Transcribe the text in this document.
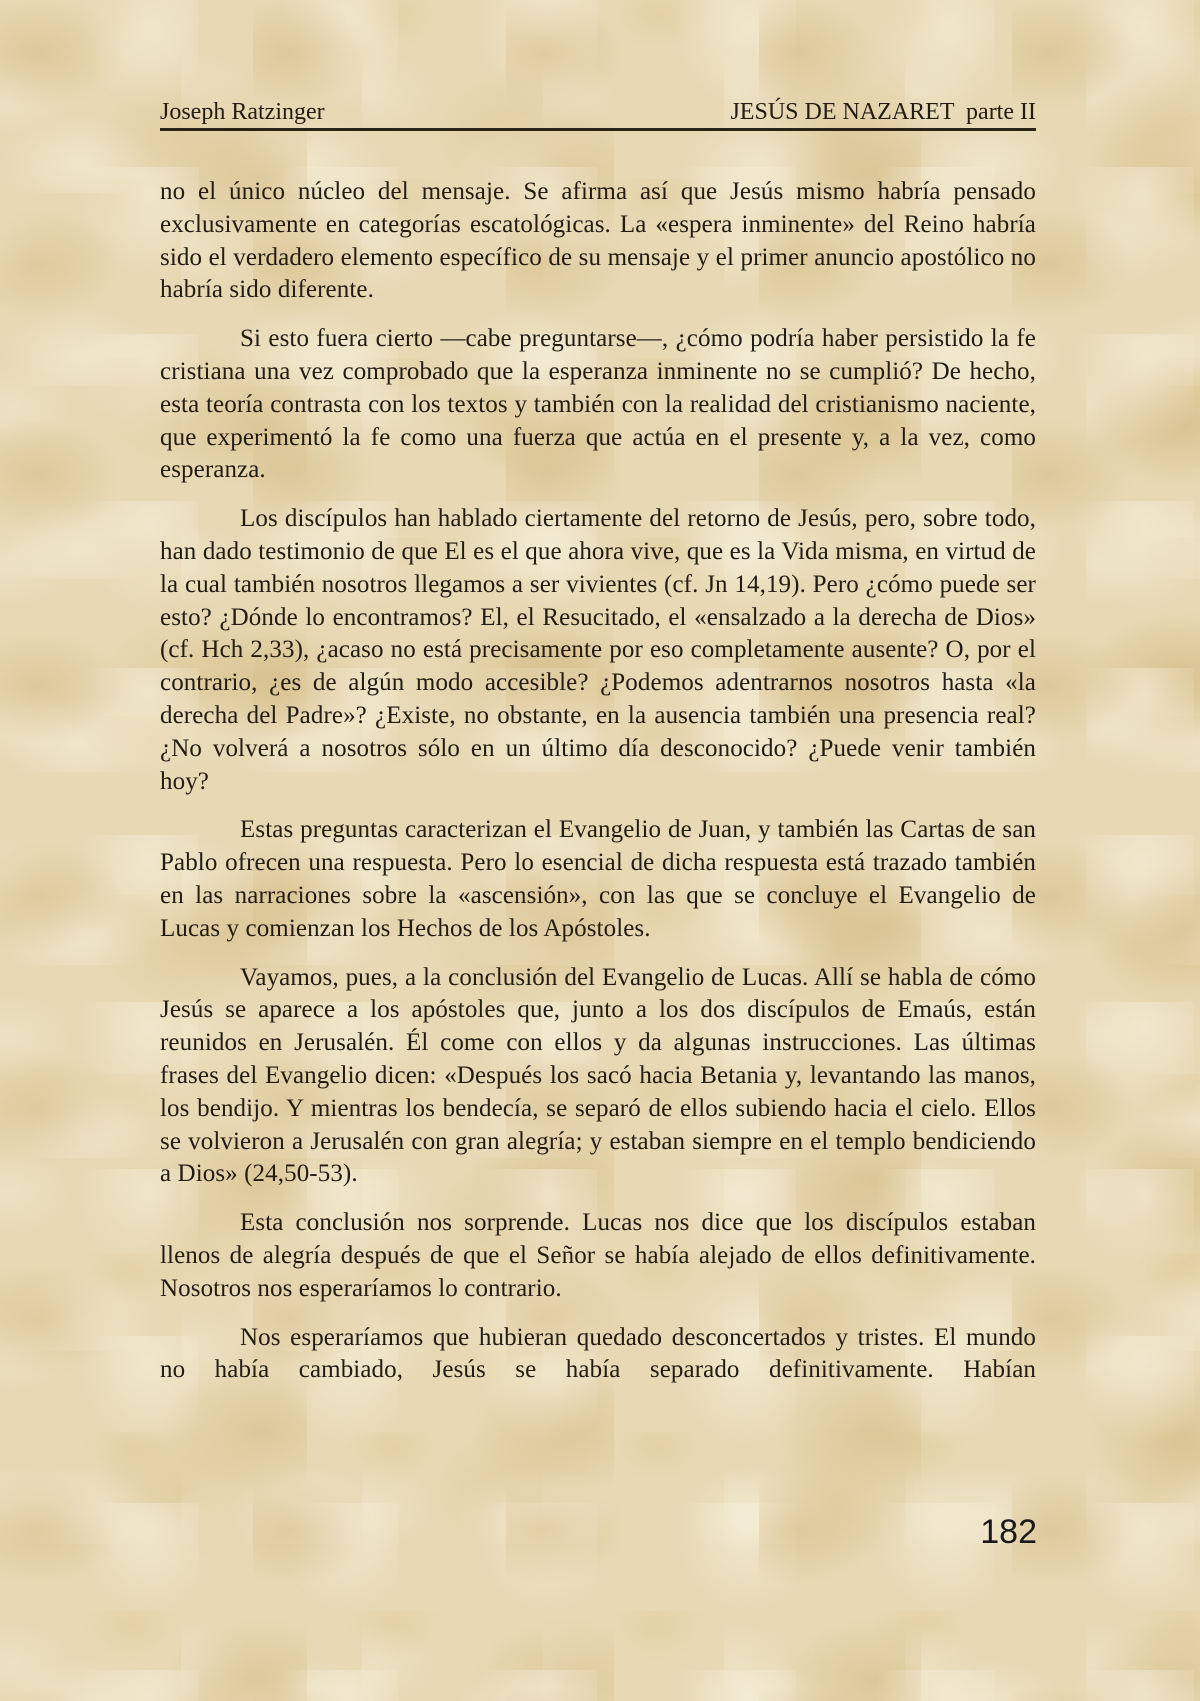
Joseph Ratzinger	JESÚS DE NAZARET  parte II

no el único núcleo del mensaje. Se afirma así que Jesús mismo habría pensado exclusivamente en categorías escatológicas. La «espera inminente» del Reino habría sido el verdadero elemento específico de su mensaje y el primer anuncio apostólico no habría sido diferente.

Si esto fuera cierto —cabe preguntarse—, ¿cómo podría haber persistido la fe cristiana una vez comprobado que la esperanza inminente no se cumplió? De hecho, esta teoría contrasta con los textos y también con la realidad del cristianismo naciente, que experimentó la fe como una fuerza que actúa en el presente y, a la vez, como esperanza.

Los discípulos han hablado ciertamente del retorno de Jesús, pero, sobre todo, han dado testimonio de que El es el que ahora vive, que es la Vida misma, en virtud de la cual también nosotros llegamos a ser vivientes (cf. Jn 14,19). Pero ¿cómo puede ser esto? ¿Dónde lo encontramos? El, el Resucitado, el «ensalzado a la derecha de Dios» (cf. Hch 2,33), ¿acaso no está precisamente por eso completamente ausente? O, por el contrario, ¿es de algún modo accesible? ¿Podemos adentrarnos nosotros hasta «la derecha del Padre»? ¿Existe, no obstante, en la ausencia también una presencia real? ¿No volverá a nosotros sólo en un último día desconocido? ¿Puede venir también hoy?

Estas preguntas caracterizan el Evangelio de Juan, y también las Cartas de san Pablo ofrecen una respuesta. Pero lo esencial de dicha respuesta está trazado también en las narraciones sobre la «ascensión», con las que se concluye el Evangelio de Lucas y comienzan los Hechos de los Apóstoles.

Vayamos, pues, a la conclusión del Evangelio de Lucas. Allí se habla de cómo Jesús se aparece a los apóstoles que, junto a los dos discípulos de Emaús, están reunidos en Jerusalén. Él come con ellos y da algunas instrucciones. Las últimas frases del Evangelio dicen: «Después los sacó hacia Betania y, levantando las manos, los bendijo. Y mientras los bendecía, se separó de ellos subiendo hacia el cielo. Ellos se volvieron a Jerusalén con gran alegría; y estaban siempre en el templo bendiciendo a Dios» (24,50-53).

Esta conclusión nos sorprende. Lucas nos dice que los discípulos estaban llenos de alegría después de que el Señor se había alejado de ellos definitivamente. Nosotros nos esperaríamos lo contrario.

Nos esperaríamos que hubieran quedado desconcertados y tristes. El mundo no había cambiado, Jesús se había separado definitivamente. Habían

182
